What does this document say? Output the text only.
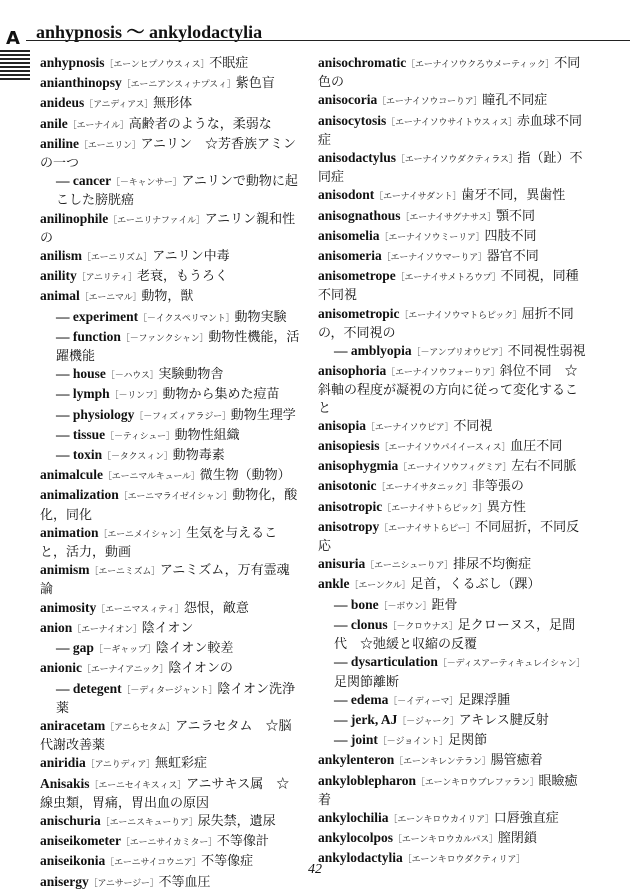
A anhypnosis ～ ankylodactylia
anhypnosis［エーンヒプノウスィス］不眠症
anianthinopsy［エーニアンスィナプスィ］紫色盲
anideus［アニディアス］無形体
anile［エーナイル］高齢者のような，柔弱な
aniline［エーニリン］アニリン　☆芳香族アミンの一つ
— cancer［－キャンサー］アニリンで動物に起こした膀胱癌
anilinophile［エーニリナファイル］アニリン親和性の
anilism［エーニリズム］アニリン中毒
anility［アニリティ］老衰，もうろく
animal［エーニマル］動物，獣
— experiment［－イクスペリマント］動物実験
— function［－ファンクシャン］動物性機能，活躍機能
— house［－ハウス］実験動物舎
— lymph［－リンフ］動物から集めた痘苗
— physiology［－フィズィアラジー］動物生理学
— tissue［－ティシュー］動物性組織
— toxin［－タクスィン］動物毒素
animalcule［エーニマルキュール］微生物（動物）
animalization［エーニマライゼイシャン］動物化，酸化，同化
animation［エーニメイシャン］生気を与えること，活力，動画
animism［エーニミズム］アニミズム，万有霊魂論
animosity［エーニマスィティ］怨恨，敵意
anion［エーナイオン］陰イオン
— gap［－ギャップ］陰イオン較差
anionic［エーナイアニック］陰イオンの
— detegent［－ディタージャント］陰イオン洗浄薬
aniracetam［アニらセタム］アニラセタム　☆脳代謝改善薬
aniridia［アニりディア］無虹彩症
Anisakis［エーニセイキスィス］アニサキス属　☆線虫類，胃痛，胃出血の原因
anischuria［エーニスキューりア］尿失禁，遺尿
aniseikometer［エーニサイカミター］不等像計
aniseikonia［エーニサイコウニア］不等像症
anisergy［アニサージー］不等血圧
anisochromatic［エーナイソウクろウメーティック］不同色の
anisocoria［エーナイソウコーりア］瞳孔不同症
anisocytosis［エーナイソウサイトウスィス］赤血球不同症
anisodactylus［エーナイソウダクティラス］指（趾）不同症
anisodont［エーナイサダント］歯牙不同，異歯性
anisognathous［エーナイサグナサス］顎不同
anisomelia［エーナイソウミーリア］四肢不同
anisomeria［エーナイソウマーりア］器官不同
anisometrope［エーナイサメトろウプ］不同視，同種不同視
anisometropic［エーナイソウマトらピック］屈折不同の，不同視の
— amblyopia［－アンブリオウピア］不同視性弱視
anisophoria［エーナイソウフォーりア］斜位不同　☆斜軸の程度が凝視の方向に従って変化すること
anisopia［エーナイソウピア］不同視
anisopiesis［エーナイソウパイイースィス］血圧不同
anisophygmia［エーナイソウフィグミア］左右不同脈
anisotonic［エーナイサタニック］非等張の
anisotropic［エーナイサトらピック］異方性
anisotropy［エーナイサトらピー］不同屈折，不同反応
anisuria［エーニシューりア］排尿不均衡症
ankle［エーンクル］足首，くるぶし（踝）
— bone［－ボウン］距骨
— clonus［－クロウナス］足クローヌス，足間代　☆弛緩と収縮の反覆
— dysarticulation［－ディスアーティキュレイシャン］足関節離断
— edema［－イディーマ］足踝浮腫
— jerk, AJ［－ジャーク］アキレス腱反射
— joint［－ジョイント］足関節
ankylenteron［エーンキレンテラン］腸管癒着
ankyloblepharon［エーンキロウブレファラン］眼瞼癒着
ankylochilia［エーンキロウカイリア］口唇強直症
ankylocolpos［エーンキロウカルパス］膣閉鎖
ankylodactylia［エーンキロウダクティリア］
42
